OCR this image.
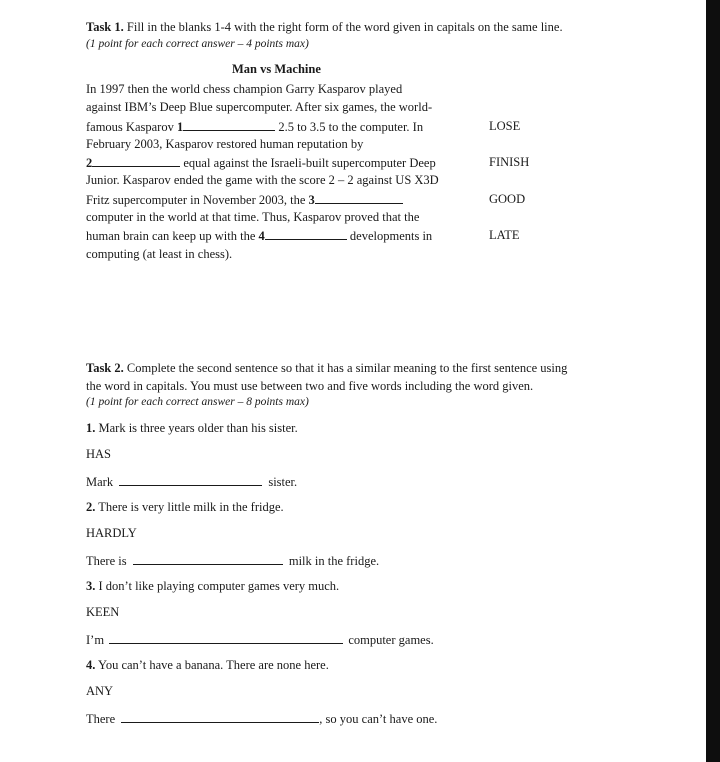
Task 1. Fill in the blanks 1-4 with the right form of the word given in capitals on the same line.
(1 point for each correct answer – 4 points max)
Man vs Machine
In 1997 then the world chess champion Garry Kasparov played
against IBM’s Deep Blue supercomputer. After six games, the world-
famous Kasparov 1	2.5 to 3.5 to the computer. In
February 2003, Kasparov restored human reputation by
2	equal against the Israeli-built supercomputer Deep
Junior. Kasparov ended the game with the score 2 – 2 against US X3D
Fritz supercomputer in November 2003, the 3
computer in the world at that time. Thus, Kasparov proved that the
human brain can keep up with the 4	developments in
computing (at least in chess).
LOSE
FINISH
GOOD
LATE
Task 2. Complete the second sentence so that it has a similar meaning to the first sentence using
the word in capitals. You must use between two and five words including the word given.
(1 point for each correct answer – 8 points max)
1. Mark is three years older than his sister.
HAS
Mark	sister.
2. There is very little milk in the fridge.
HARDLY
There is	milk in the fridge.
3. I don’t like playing computer games very much.
KEEN
I’m	computer games.
4. You can’t have a banana. There are none here.
ANY
There	, so you can’t have one.
